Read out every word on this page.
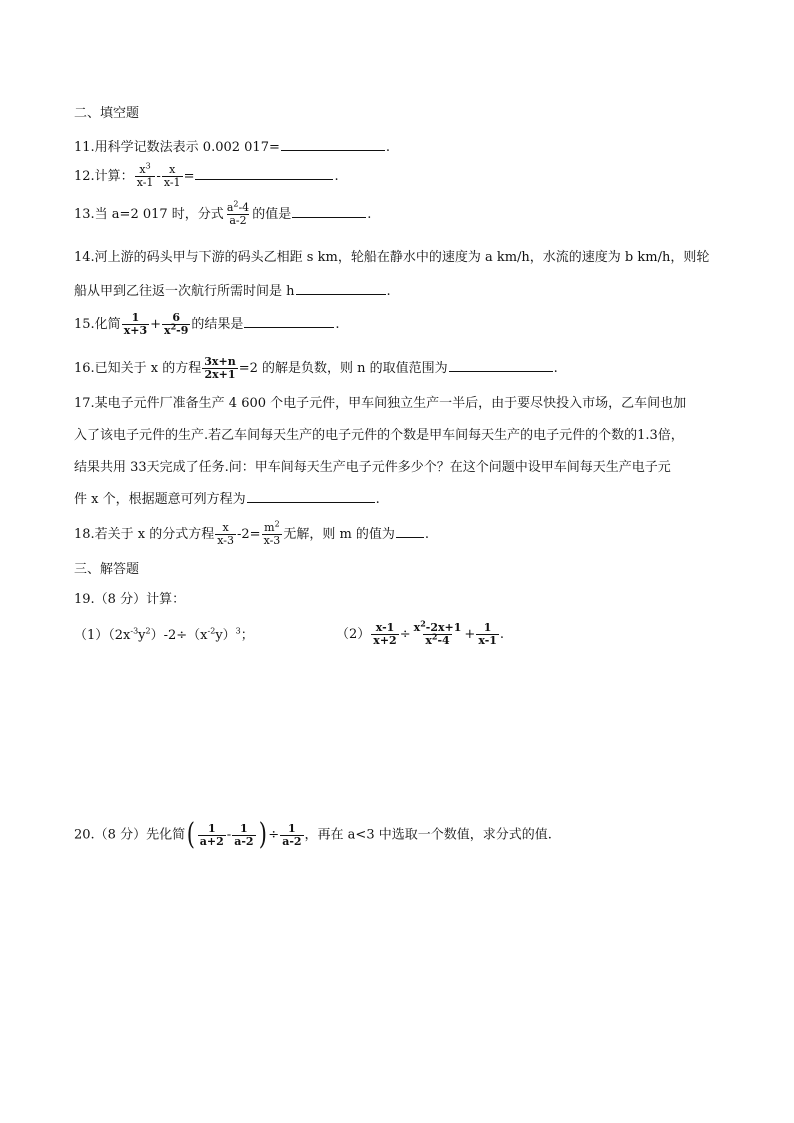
二、填空题
11.用科学记数法表示 0.002 017=	.
12.计算： $\frac{x^3}{x-1} - \frac{x}{x-1}$ =	.
13.当 a=2 017 时，分式 $\frac{a^2-4}{a-2}$ 的值是	.
14.河上游的码头甲与下游的码头乙相距 s km，轮船在静水中的速度为 a km/h，水流的速度为 b km/h，则轮
船从甲到乙往返一次航行所需时间是 h	.
15.化简 $\frac{1}{x+3} + \frac{6}{x^2-9}$ 的结果是	.
16.已知关于 x 的方程 $\frac{3x+n}{2x+1} =2$ 的解是负数，则 n 的取值范围为	.
17.某电子元件厂准备生产 4 600 个电子元件，甲车间独立生产一半后，由于要尽快投入市场，乙车间也加
入了该电子元件的生产.若乙车间每天生产的电子元件的个数是甲车间每天生产的电子元件的个数的1.3倍，
结果共用 33天完成了任务.问：甲车间每天生产电子元件多少个？在这个问题中设甲车间每天生产电子元
件 x 个，根据题意可列方程为	.
18.若关于 x 的分式方程 $\frac{x}{x-3} -2= \frac{m^2}{x-3}$ 无解，则 m 的值为 .
三、解答题
19.（8 分）计算：
$(1)(2x^{-3}y^2)-2\div(x^{-2}y)^3$；	$(2) \frac{x-1}{x+2} \div \frac{x^2-2x+1}{x^2-4} + \frac{1}{x-1}$ .
20.（8 分）先化简( $\frac{1}{a+2} - \frac{1}{a-2}$ ) ÷ $\frac{1}{a-2}$ ，再在 a<3 中选取一个数值，求分式的值.
